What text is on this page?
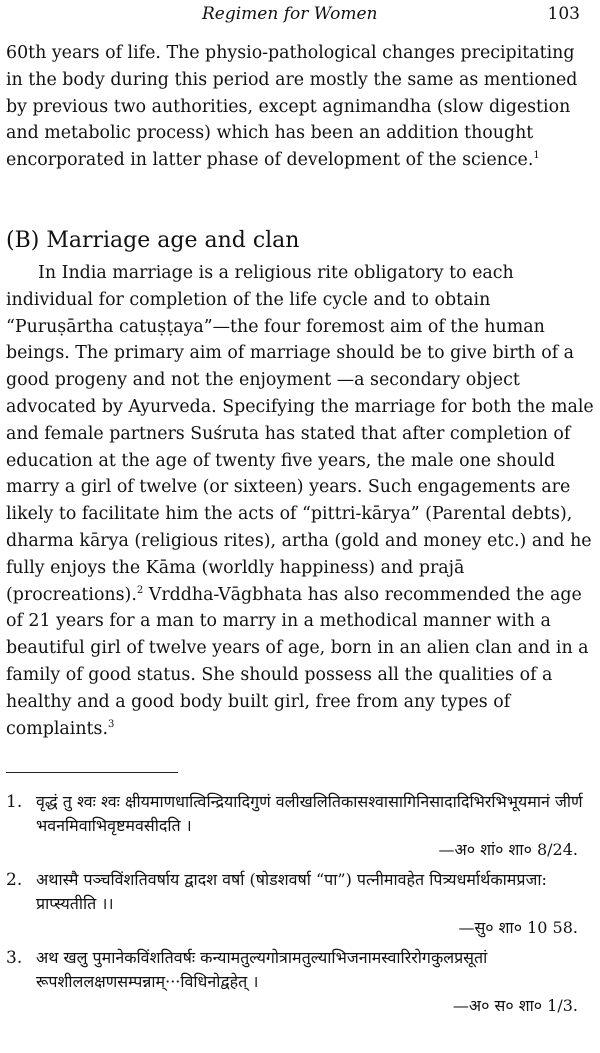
Regimen for Women	103

60th years of life. The physio-pathological changes precipitating in the body during this period are mostly the same as mentioned by previous two authorities, except agnimandha (slow digestion and metabolic process) which has been an addition thought encorporated in latter phase of development of the science.$^1$

(B) Marriage age and clan

In India marriage is a religious rite obligatory to each individual for completion of the life cycle and to obtain “Puruṣārtha catuṣṭaya”—the four foremost aim of the human beings. The primary aim of marriage should be to give birth of a good progeny and not the enjoyment —a secondary object advocated by Ayurveda. Specifying the marriage for both the male and female partners Suśruta has stated that after completion of education at the age of twenty five years, the male one should marry a girl of twelve (or sixteen) years. Such engagements are likely to facilitate him the acts of “pittri-kārya” (Parental debts), dharma kārya (religious rites), artha (gold and money etc.) and he fully enjoys the Kāma (worldly happiness) and prajā (procreations).$^2$ Vrddha-Vāgbhata has also recommended the age of 21 years for a man to marry in a methodical manner with a beautiful girl of twelve years of age, born in an alien clan and in a family of good status. She should possess all the qualities of a healthy and a good body built girl, free from any types of complaints.$^3$

1. वृद्धं तु श्वः श्वः क्षीयमाणधात्विन्द्रियादिगुणं वलीखलितिकासश्वासागिनिसादादिभिरभिभूयमानं जीर्ण भवनमिवाभिवृष्टमवसीदति ।
—अ० शां० शा० 8/24.
2. अथास्मै पञ्चविंशतिवर्षाय द्वादश वर्षा (षोडशवर्षा “पा”) पत्नीमावहेत पित्र्यधर्मार्थकामप्रजा: प्राप्स्यतीति ।।
—सु० शा० 10 58.
3. अथ खलु पुमानेकविंशतिवर्षः कन्यामतुल्यगोत्रामतुल्याभिजनामस्वारिरोगकुलप्रसूतां रूपशीललक्षणसम्पन्नाम्···विधिनोद्वहेत् ।
—अ० स० शा० 1/3.
